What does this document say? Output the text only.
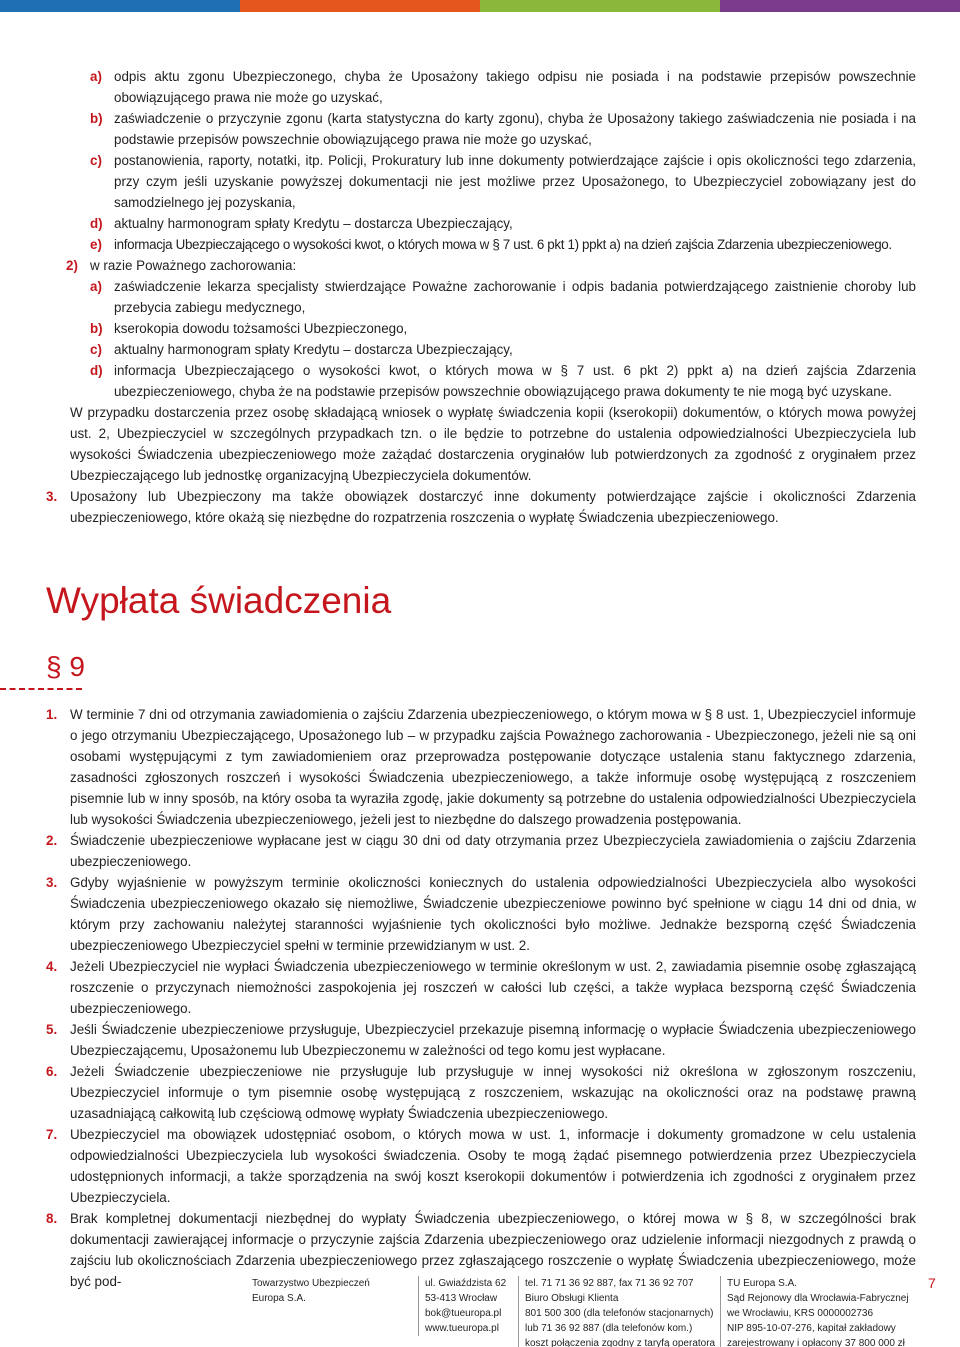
a) odpis aktu zgonu Ubezpieczonego, chyba że Uposażony takiego odpisu nie posiada i na podstawie przepisów powszechnie obowiązującego prawa nie może go uzyskać,
b) zaświadczenie o przyczynie zgonu (karta statystyczna do karty zgonu), chyba że Uposażony takiego zaświadczenia nie posiada i na podstawie przepisów powszechnie obowiązującego prawa nie może go uzyskać,
c) postanowienia, raporty, notatki, itp. Policji, Prokuratury lub inne dokumenty potwierdzające zajście i opis okoliczności tego zdarzenia, przy czym jeśli uzyskanie powyższej dokumentacji nie jest możliwe przez Uposażonego, to Ubezpieczyciel zobowiązany jest do samodzielnego jej pozyskania,
d) aktualny harmonogram spłaty Kredytu – dostarcza Ubezpieczający,
e) informacja Ubezpieczającego o wysokości kwot, o których mowa w § 7 ust. 6 pkt 1) ppkt a) na dzień zajścia Zdarzenia ubezpieczeniowego.
2) w razie Poważnego zachorowania:
a) zaświadczenie lekarza specjalisty stwierdzające Poważne zachorowanie i odpis badania potwierdzającego zaistnienie choroby lub przebycia zabiegu medycznego,
b) kserokopia dowodu tożsamości Ubezpieczonego,
c) aktualny harmonogram spłaty Kredytu – dostarcza Ubezpieczający,
d) informacja Ubezpieczającego o wysokości kwot, o których mowa w § 7 ust. 6 pkt 2) ppkt a) na dzień zajścia Zdarzenia ubezpieczeniowego, chyba że na podstawie przepisów powszechnie obowiązującego prawa dokumenty te nie mogą być uzyskane.
W przypadku dostarczenia przez osobę składającą wniosek o wypłatę świadczenia kopii (kserokopii) dokumentów, o których mowa powyżej ust. 2, Ubezpieczyciel w szczególnych przypadkach tzn. o ile będzie to potrzebne do ustalenia odpowiedzialności Ubezpieczyciela lub wysokości Świadczenia ubezpieczeniowego może zażądać dostarczenia oryginałów lub potwierdzonych za zgodność z oryginałem przez Ubezpieczającego lub jednostkę organizacyjną Ubezpieczyciela dokumentów.
3. Uposażony lub Ubezpieczony ma także obowiązek dostarczyć inne dokumenty potwierdzające zajście i okoliczności Zdarzenia ubezpieczeniowego, które okażą się niezbędne do rozpatrzenia roszczenia o wypłatę Świadczenia ubezpieczeniowego.
Wypłata świadczenia
§ 9
1. W terminie 7 dni od otrzymania zawiadomienia o zajściu Zdarzenia ubezpieczeniowego, o którym mowa w § 8 ust. 1, Ubezpieczyciel informuje o jego otrzymaniu Ubezpieczającego, Uposażonego lub – w przypadku zajścia Poważnego zachorowania - Ubezpieczonego, jeżeli nie są oni osobami występującymi z tym zawiadomieniem oraz przeprowadza postępowanie dotyczące ustalenia stanu faktycznego zdarzenia, zasadności zgłoszonych roszczeń i wysokości Świadczenia ubezpieczeniowego, a także informuje osobę występującą z roszczeniem pisemnie lub w inny sposób, na który osoba ta wyraziła zgodę, jakie dokumenty są potrzebne do ustalenia odpowiedzialności Ubezpieczyciela lub wysokości Świadczenia ubezpieczeniowego, jeżeli jest to niezbędne do dalszego prowadzenia postępowania.
2. Świadczenie ubezpieczeniowe wypłacane jest w ciągu 30 dni od daty otrzymania przez Ubezpieczyciela zawiadomienia o zajściu Zdarzenia ubezpieczeniowego.
3. Gdyby wyjaśnienie w powyższym terminie okoliczności koniecznych do ustalenia odpowiedzialności Ubezpieczyciela albo wysokości Świadczenia ubezpieczeniowego okazało się niemożliwe, Świadczenie ubezpieczeniowe powinno być spełnione w ciągu 14 dni od dnia, w którym przy zachowaniu należytej staranności wyjaśnienie tych okoliczności było możliwe. Jednakże bezsporną część Świadczenia ubezpieczeniowego Ubezpieczyciel spełni w terminie przewidzianym w ust. 2.
4. Jeżeli Ubezpieczyciel nie wypłaci Świadczenia ubezpieczeniowego w terminie określonym w ust. 2, zawiadamia pisemnie osobę zgłaszającą roszczenie o przyczynach niemożności zaspokojenia jej roszczeń w całości lub części, a także wypłaca bezsporną część Świadczenia ubezpieczeniowego.
5. Jeśli Świadczenie ubezpieczeniowe przysługuje, Ubezpieczyciel przekazuje pisemną informację o wypłacie Świadczenia ubezpieczeniowego Ubezpieczającemu, Uposażonemu lub Ubezpieczonemu w zależności od tego komu jest wypłacane.
6. Jeżeli Świadczenie ubezpieczeniowe nie przysługuje lub przysługuje w innej wysokości niż określona w zgłoszonym roszczeniu, Ubezpieczyciel informuje o tym pisemnie osobę występującą z roszczeniem, wskazując na okoliczności oraz na podstawę prawną uzasadniającą całkowitą lub częściową odmowę wypłaty Świadczenia ubezpieczeniowego.
7. Ubezpieczyciel ma obowiązek udostępniać osobom, o których mowa w ust. 1, informacje i dokumenty gromadzone w celu ustalenia odpowiedzialności Ubezpieczyciela lub wysokości świadczenia. Osoby te mogą żądać pisemnego potwierdzenia przez Ubezpieczyciela udostępnionych informacji, a także sporządzenia na swój koszt kserokopii dokumentów i potwierdzenia ich zgodności z oryginałem przez Ubezpieczyciela.
8. Brak kompletnej dokumentacji niezbędnej do wypłaty Świadczenia ubezpieczeniowego, o której mowa w § 8, w szczególności brak dokumentacji zawierającej informacje o przyczynie zajścia Zdarzenia ubezpieczeniowego oraz udzielenie informacji niezgodnych z prawdą o zajściu lub okolicznościach Zdarzenia ubezpieczeniowego przez zgłaszającego roszczenie o wypłatę Świadczenia ubezpieczeniowego, może być pod-	Towarzystwo Ubezpieczeń
Europa S.A.
ul. Gwiaździsta 62
53-413 Wrocław
bok@tueuropa.pl
www.tueuropa.pl
tel. 71 71 36 92 887, fax 71 36 92 707
Biuro Obsługi Klienta
801 500 300 (dla telefonów stacjonarnych)
lub 71 36 92 887 (dla telefonów kom.)
koszt połączenia zgodny z taryfą operatora
TU Europa S.A.
Sąd Rejonowy dla Wrocławia-Fabrycznej
we Wrocławiu, KRS 0000002736
NIP 895-10-07-276, kapitał zakładowy
zarejestrowany i opłacony 37 800 000 zł
7
